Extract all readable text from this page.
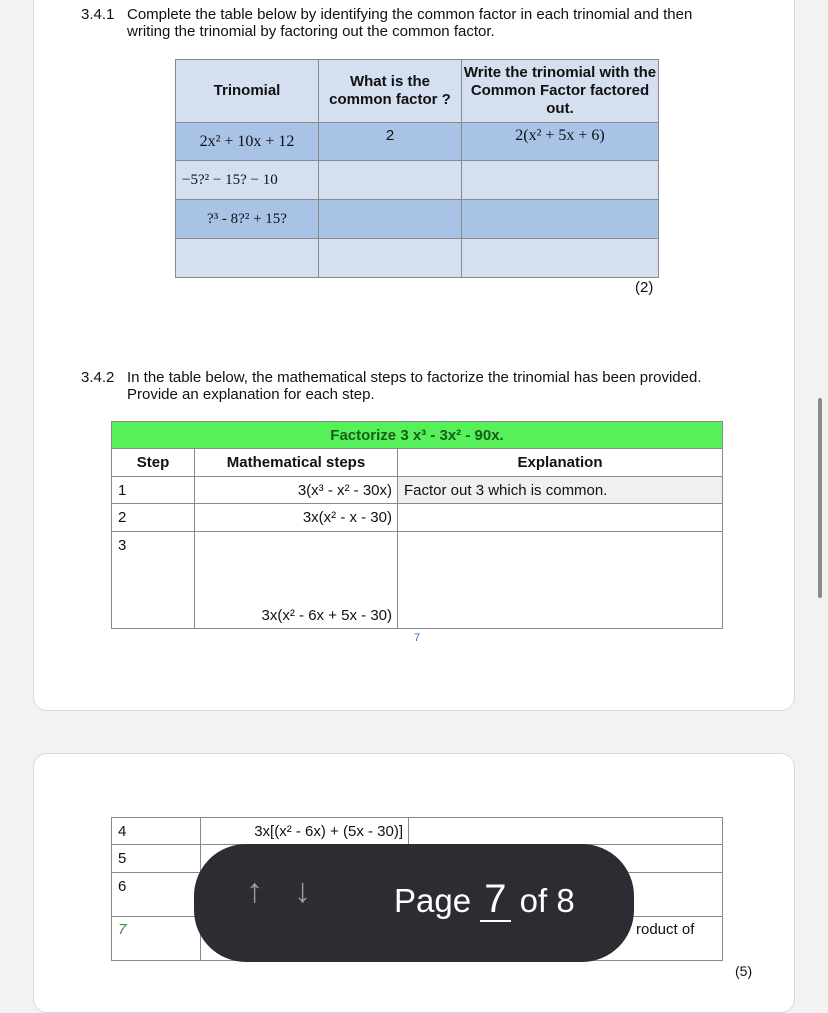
3.4.1 Complete the table below by identifying the common factor in each trinomial and then
writing the trinomial by factoring out the common factor.
Trinomial	What is the common factor ?	Write the trinomial with the Common Factor factored out.
2x² + 10x + 12	2	2(x² + 5x + 6)
−5?² − 15? − 10		
?³ - 8?² + 15?		

(2)
3.4.2 In the table below, the mathematical steps to factorize the trinomial has been provided.
Provide an explanation for each step.
Factorize 3 x³ - 3x² - 90x.		
Step	Mathematical steps	Explanation
1	3(x³ - x² - 30x)	Factor out 3 which is common.
2	3x(x² - x - 30)	
3	3x(x² - 6x + 5x - 30)	
7
4	3x[(x² - 6x) + (5x - 30)]	
5		
6		
7		roduct of
(5)
↑ ↓	Page 7 of 8
